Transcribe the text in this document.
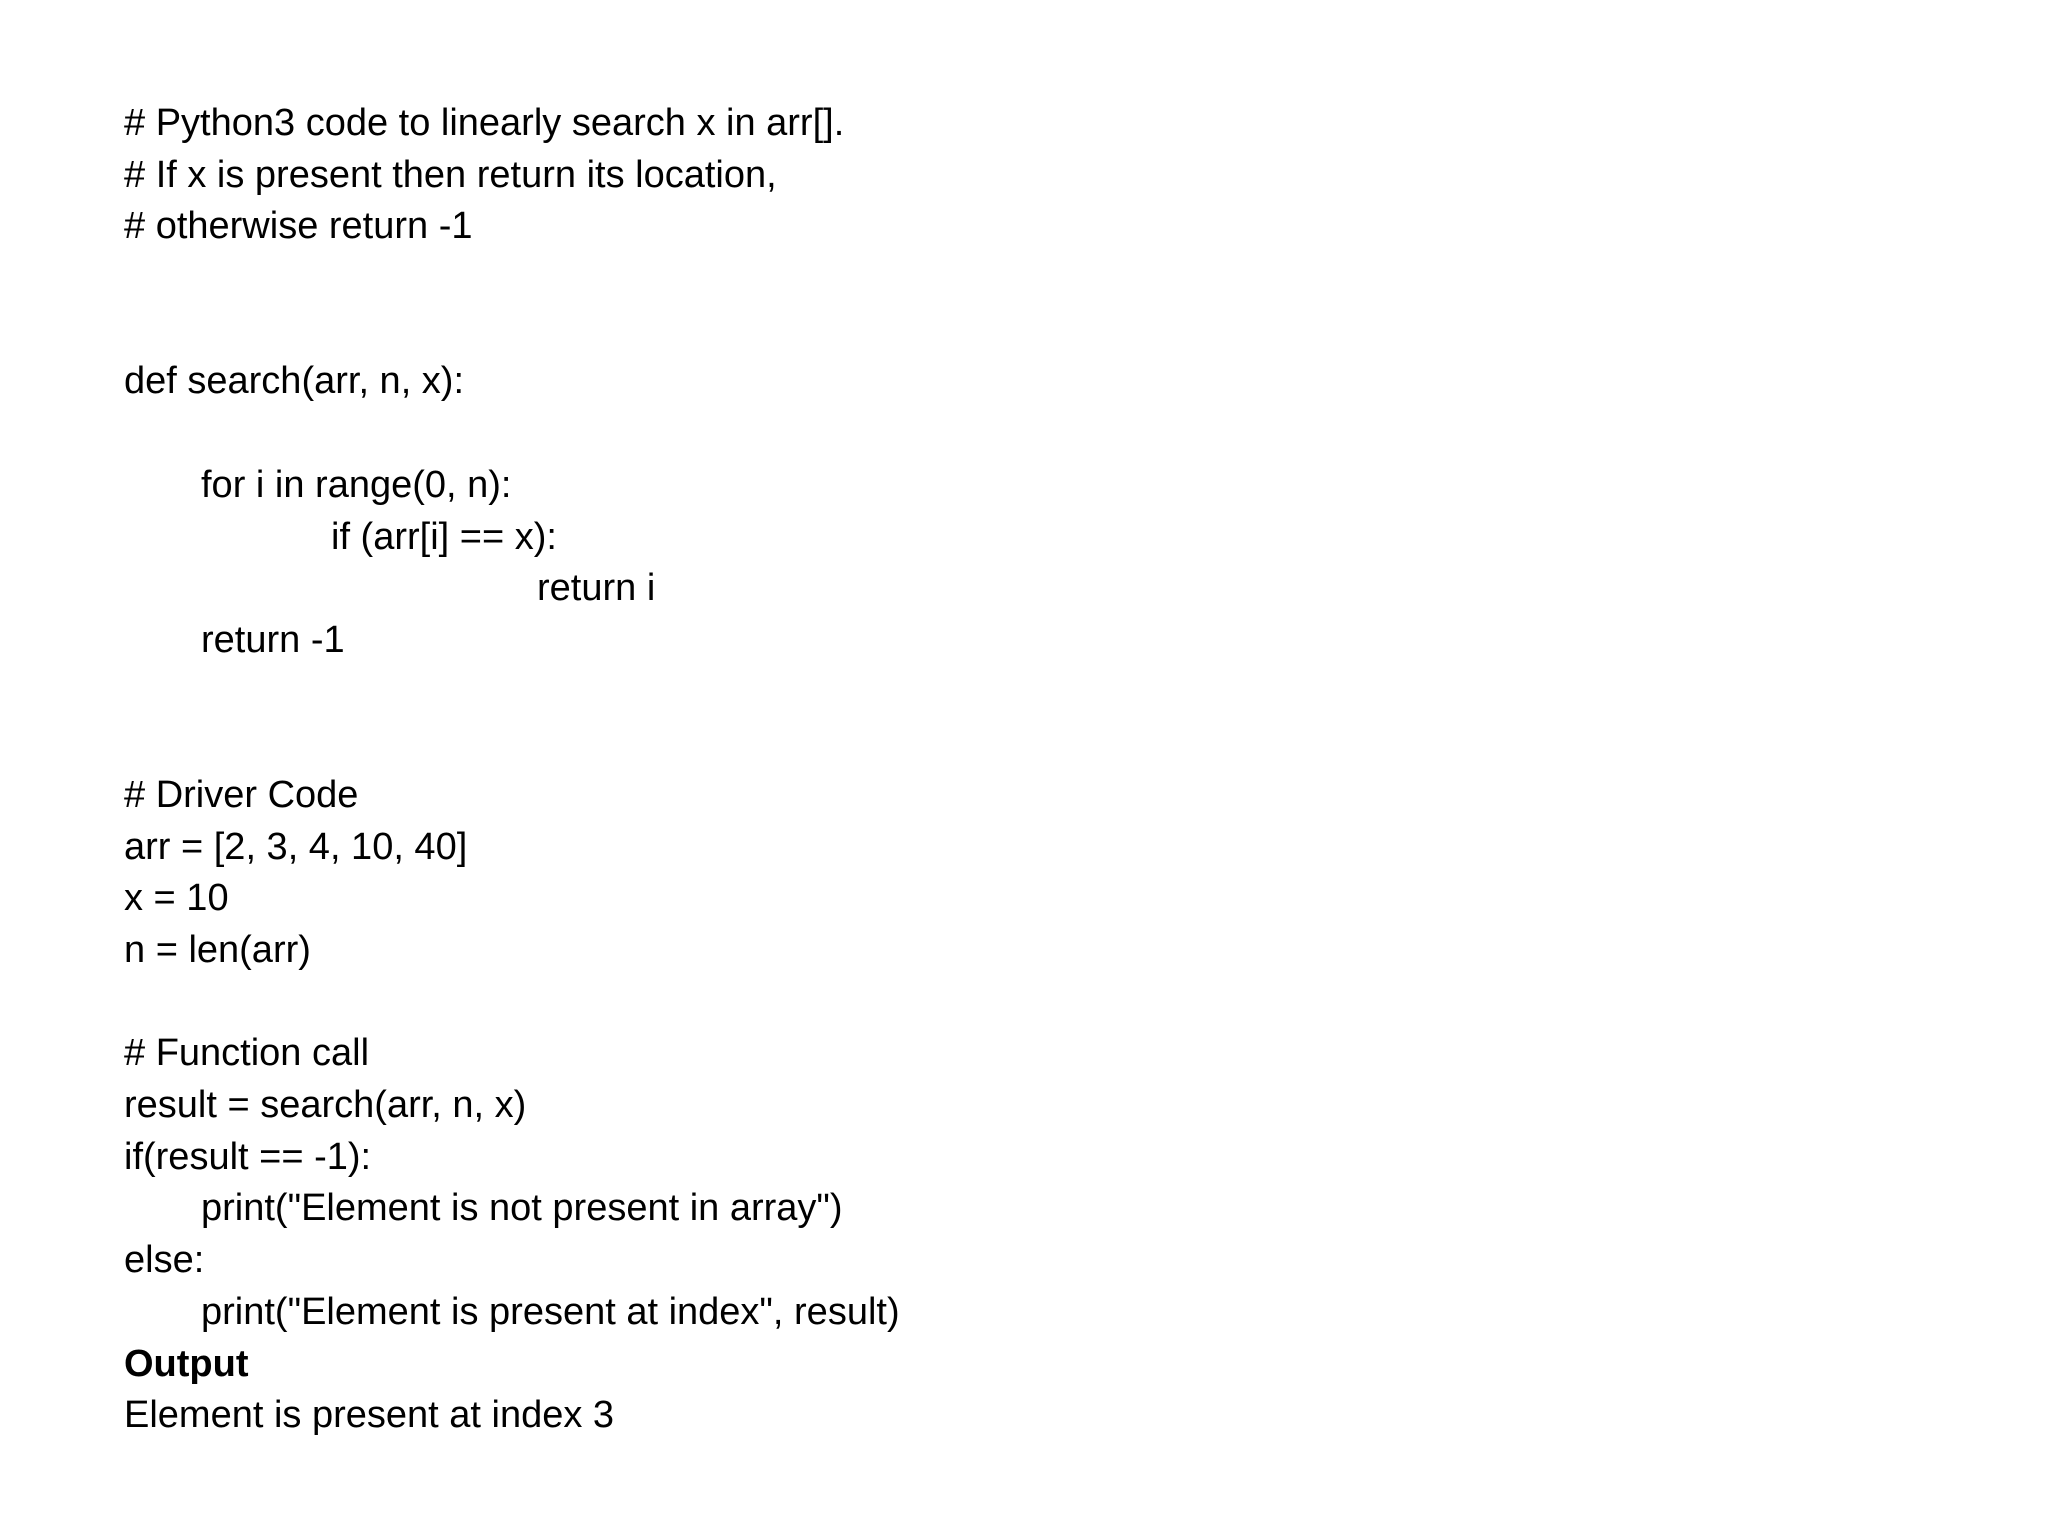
# Python3 code to linearly search x in arr[].
# If x is present then return its location,
# otherwise return -1
def search(arr, n, x):
for i in range(0, n):
if (arr[i] == x):
return i
return -1
# Driver Code
arr = [2, 3, 4, 10, 40]
x = 10
n = len(arr)
# Function call
result = search(arr, n, x)
if(result == -1):
print("Element is not present in array")
else:
print("Element is present at index", result)
Output
Element is present at index 3
